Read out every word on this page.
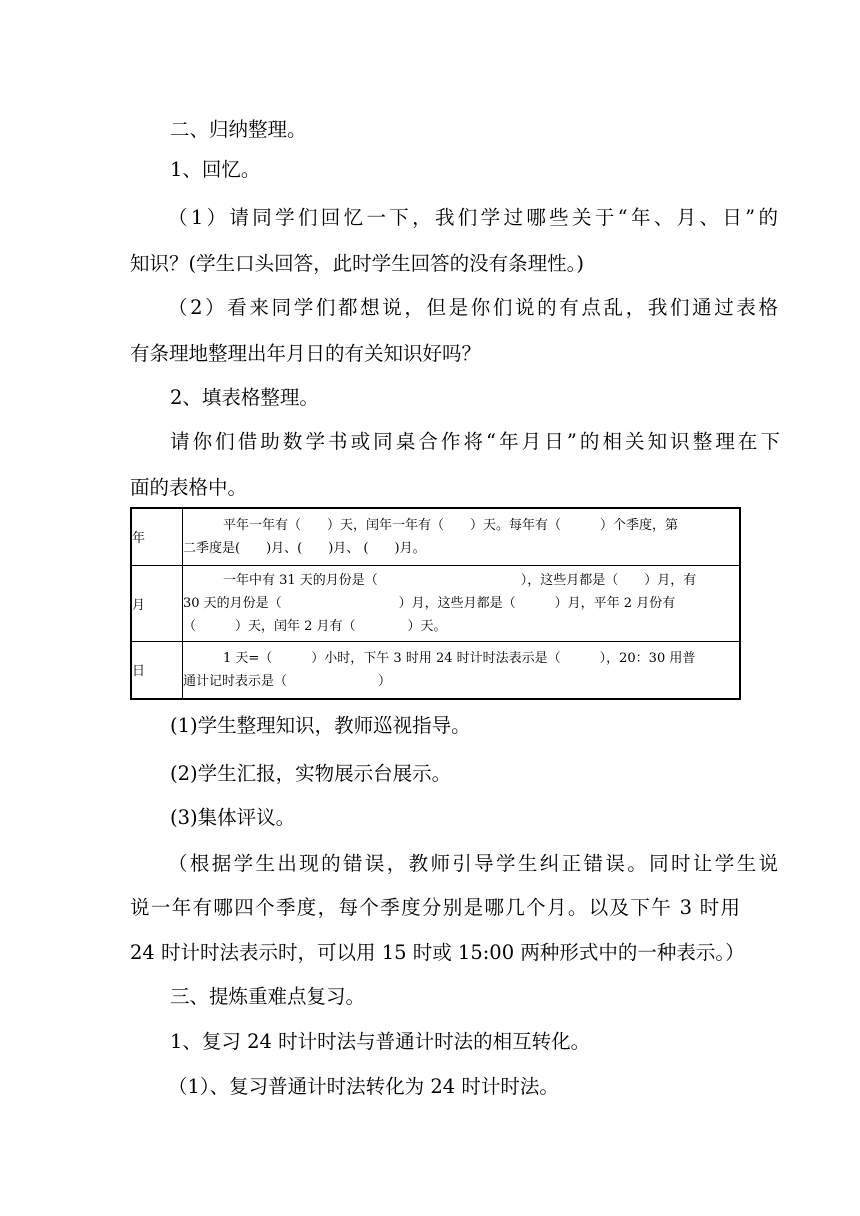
二、归纳整理。
1、回忆。
（1）请同学们回忆一下，我们学过哪些关于“年、月、日”的
知识？(学生口头回答，此时学生回答的没有条理性。)
（2）看来同学们都想说，但是你们说的有点乱，我们通过表格
有条理地整理出年月日的有关知识好吗？
2、填表格整理。
请你们借助数学书或同桌合作将“年月日”的相关知识整理在下
面的表格中。
年	平年一年有（　　）天，闰年一年有（　　）天。每年有（　　　）个季度，第

二季度是(　　)月、(　　)月、 (　　)月。

月	一年中有 31 天的月份是（　　　　　　　　　　　），这些月都是（　　）月，有

30 天的月份是（　　　　　　　　　）月，这些月都是（　　　）月，平年 2 月份有

（　　　）天，闰年 2 月有（　　　　）天。

日	1 天=（　　　）小时，下午 3 时用 24 时计时法表示是（　　　），20：30 用普

通计记时表示是（　　　　　　　）

(1)学生整理知识，教师巡视指导。
(2)学生汇报，实物展示台展示。
(3)集体评议。
（根据学生出现的错误，教师引导学生纠正错误。同时让学生说
说一年有哪四个季度，每个季度分别是哪几个月。以及下午 3 时用
24 时计时法表示时，可以用 15 时或 15:00 两种形式中的一种表示。）
三、提炼重难点复习。
1、复习 24 时计时法与普通计时法的相互转化。
（1）、复习普通计时法转化为 24 时计时法。
